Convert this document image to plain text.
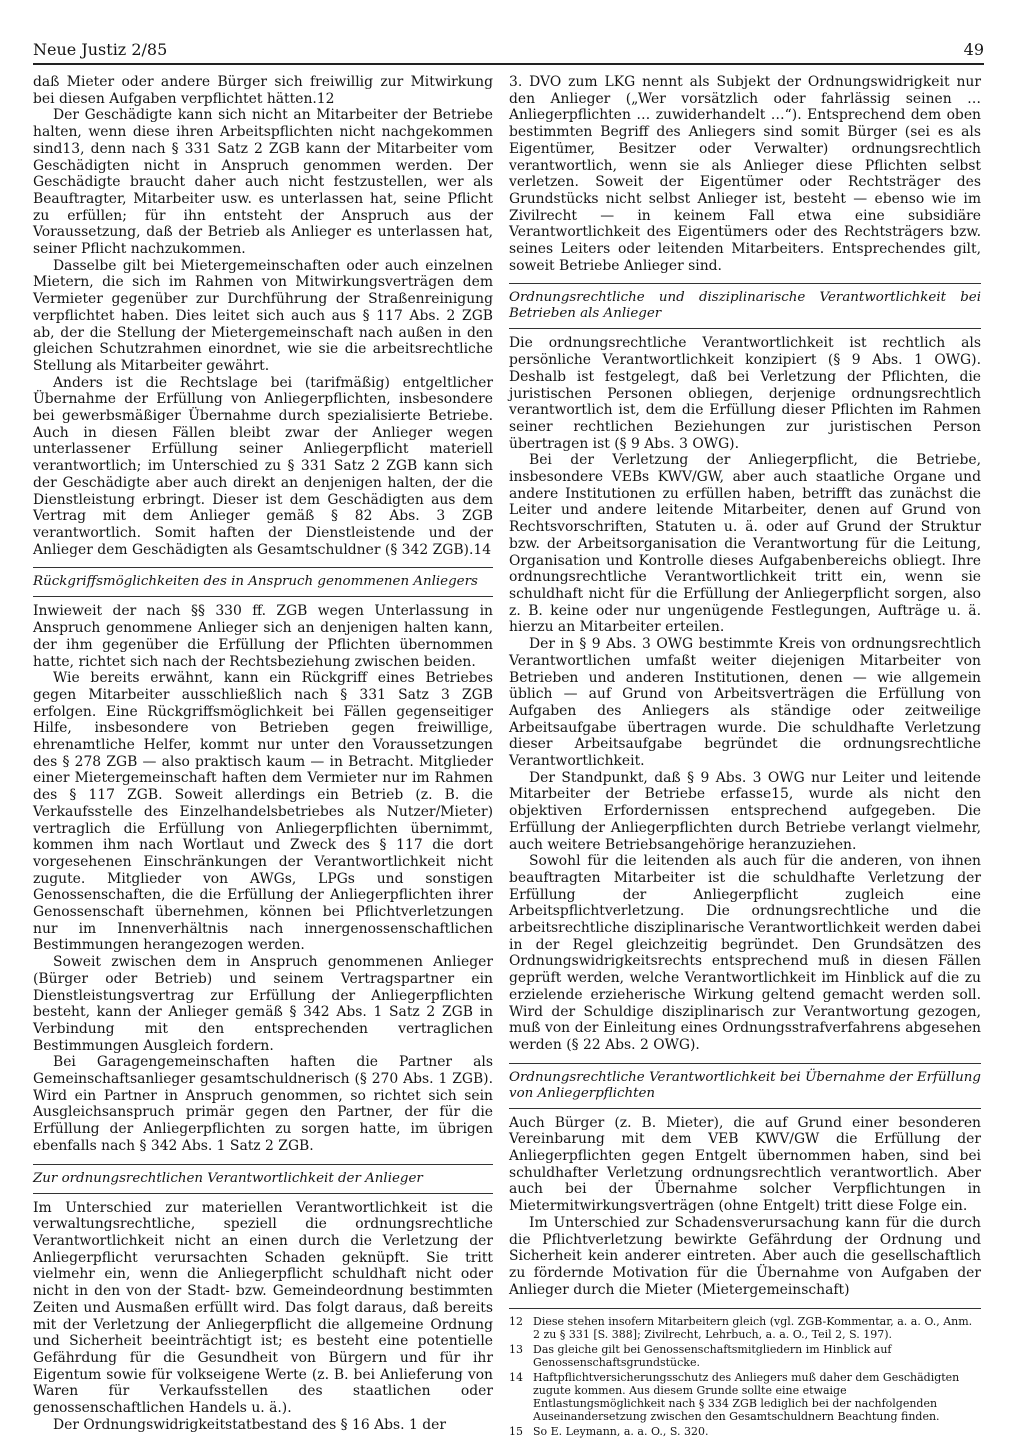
Neue Justiz 2/85	49

daß Mieter oder andere Bürger sich freiwillig zur Mitwirkung bei diesen Aufgaben verpflichtet hätten.12

Der Geschädigte kann sich nicht an Mitarbeiter der Betriebe halten, wenn diese ihren Arbeitspflichten nicht nachgekommen sind13, denn nach § 331 Satz 2 ZGB kann der Mitarbeiter vom Geschädigten nicht in Anspruch genommen werden. Der Geschädigte braucht daher auch nicht festzustellen, wer als Beauftragter, Mitarbeiter usw. es unterlassen hat, seine Pflicht zu erfüllen; für ihn entsteht der Anspruch aus der Voraussetzung, daß der Betrieb als Anlieger es unterlassen hat, seiner Pflicht nachzukommen.

Dasselbe gilt bei Mietergemeinschaften oder auch einzelnen Mietern, die sich im Rahmen von Mitwirkungsverträgen dem Vermieter gegenüber zur Durchführung der Straßenreinigung verpflichtet haben. Dies leitet sich auch aus § 117 Abs. 2 ZGB ab, der die Stellung der Mietergemeinschaft nach außen in den gleichen Schutzrahmen einordnet, wie sie die arbeitsrechtliche Stellung als Mitarbeiter gewährt.

Anders ist die Rechtslage bei (tarifmäßig) entgeltlicher Übernahme der Erfüllung von Anliegerpflichten, insbesondere bei gewerbsmäßiger Übernahme durch spezialisierte Betriebe. Auch in diesen Fällen bleibt zwar der Anlieger wegen unterlassener Erfüllung seiner Anliegerpflicht materiell verantwortlich; im Unterschied zu § 331 Satz 2 ZGB kann sich der Geschädigte aber auch direkt an denjenigen halten, der die Dienstleistung erbringt. Dieser ist dem Geschädigten aus dem Vertrag mit dem Anlieger gemäß § 82 Abs. 3 ZGB verantwortlich. Somit haften der Dienstleistende und der Anlieger dem Geschädigten als Gesamtschuldner (§ 342 ZGB).14

Rückgriffsmöglichkeiten des in Anspruch genommenen Anliegers

Inwieweit der nach §§ 330 ff. ZGB wegen Unterlassung in Anspruch genommene Anlieger sich an denjenigen halten kann, der ihm gegenüber die Erfüllung der Pflichten übernommen hatte, richtet sich nach der Rechtsbeziehung zwischen beiden.

Wie bereits erwähnt, kann ein Rückgriff eines Betriebes gegen Mitarbeiter ausschließlich nach § 331 Satz 3 ZGB erfolgen. Eine Rückgriffsmöglichkeit bei Fällen gegenseitiger Hilfe, insbesondere von Betrieben gegen freiwillige, ehrenamtliche Helfer, kommt nur unter den Voraussetzungen des § 278 ZGB — also praktisch kaum — in Betracht. Mitglieder einer Mietergemeinschaft haften dem Vermieter nur im Rahmen des § 117 ZGB. Soweit allerdings ein Betrieb (z. B. die Verkaufsstelle des Einzelhandelsbetriebes als Nutzer/Mieter) vertraglich die Erfüllung von Anliegerpflichten übernimmt, kommen ihm nach Wortlaut und Zweck des § 117 die dort vorgesehenen Einschränkungen der Verantwortlichkeit nicht zugute. Mitglieder von AWGs, LPGs und sonstigen Genossenschaften, die die Erfüllung der Anliegerpflichten ihrer Genossenschaft übernehmen, können bei Pflichtverletzungen nur im Innenverhältnis nach innergenossenschaftlichen Bestimmungen herangezogen werden.

Soweit zwischen dem in Anspruch genommenen Anlieger (Bürger oder Betrieb) und seinem Vertragspartner ein Dienstleistungsvertrag zur Erfüllung der Anliegerpflichten besteht, kann der Anlieger gemäß § 342 Abs. 1 Satz 2 ZGB in Verbindung mit den entsprechenden vertraglichen Bestimmungen Ausgleich fordern.

Bei Garagengemeinschaften haften die Partner als Gemeinschaftsanlieger gesamtschuldnerisch (§ 270 Abs. 1 ZGB). Wird ein Partner in Anspruch genommen, so richtet sich sein Ausgleichsanspruch primär gegen den Partner, der für die Erfüllung der Anliegerpflichten zu sorgen hatte, im übrigen ebenfalls nach § 342 Abs. 1 Satz 2 ZGB.

Zur ordnungsrechtlichen Verantwortlichkeit der Anlieger

Im Unterschied zur materiellen Verantwortlichkeit ist die verwaltungsrechtliche, speziell die ordnungsrechtliche Verantwortlichkeit nicht an einen durch die Verletzung der Anliegerpflicht verursachten Schaden geknüpft. Sie tritt vielmehr ein, wenn die Anliegerpflicht schuldhaft nicht oder nicht in den von der Stadt- bzw. Gemeindeordnung bestimmten Zeiten und Ausmaßen erfüllt wird. Das folgt daraus, daß bereits mit der Verletzung der Anliegerpflicht die allgemeine Ordnung und Sicherheit beeinträchtigt ist; es besteht eine potentielle Gefährdung für die Gesundheit von Bürgern und für ihr Eigentum sowie für volkseigene Werte (z. B. bei Anlieferung von Waren für Verkaufsstellen des staatlichen oder genossenschaftlichen Handels u. ä.).

Der Ordnungswidrigkeitstatbestand des § 16 Abs. 1 der

3. DVO zum LKG nennt als Subjekt der Ordnungswidrigkeit nur den Anlieger („Wer vorsätzlich oder fahrlässig seinen … Anliegerpflichten … zuwiderhandelt …“). Entsprechend dem oben bestimmten Begriff des Anliegers sind somit Bürger (sei es als Eigentümer, Besitzer oder Verwalter) ordnungsrechtlich verantwortlich, wenn sie als Anlieger diese Pflichten selbst verletzen. Soweit der Eigentümer oder Rechtsträger des Grundstücks nicht selbst Anlieger ist, besteht — ebenso wie im Zivilrecht — in keinem Fall etwa eine subsidiäre Verantwortlichkeit des Eigentümers oder des Rechtsträgers bzw. seines Leiters oder leitenden Mitarbeiters. Entsprechendes gilt, soweit Betriebe Anlieger sind.

Ordnungsrechtliche und disziplinarische Verantwortlichkeit bei Betrieben als Anlieger

Die ordnungsrechtliche Verantwortlichkeit ist rechtlich als persönliche Verantwortlichkeit konzipiert (§ 9 Abs. 1 OWG). Deshalb ist festgelegt, daß bei Verletzung der Pflichten, die juristischen Personen obliegen, derjenige ordnungsrechtlich verantwortlich ist, dem die Erfüllung dieser Pflichten im Rahmen seiner rechtlichen Beziehungen zur juristischen Person übertragen ist (§ 9 Abs. 3 OWG).

Bei der Verletzung der Anliegerpflicht, die Betriebe, insbesondere VEBs KWV/GW, aber auch staatliche Organe und andere Institutionen zu erfüllen haben, betrifft das zunächst die Leiter und andere leitende Mitarbeiter, denen auf Grund von Rechtsvorschriften, Statuten u. ä. oder auf Grund der Struktur bzw. der Arbeitsorganisation die Verantwortung für die Leitung, Organisation und Kontrolle dieses Aufgabenbereichs obliegt. Ihre ordnungsrechtliche Verantwortlichkeit tritt ein, wenn sie schuldhaft nicht für die Erfüllung der Anliegerpflicht sorgen, also z. B. keine oder nur ungenügende Festlegungen, Aufträge u. ä. hierzu an Mitarbeiter erteilen.

Der in § 9 Abs. 3 OWG bestimmte Kreis von ordnungsrechtlich Verantwortlichen umfaßt weiter diejenigen Mitarbeiter von Betrieben und anderen Institutionen, denen — wie allgemein üblich — auf Grund von Arbeitsverträgen die Erfüllung von Aufgaben des Anliegers als ständige oder zeitweilige Arbeitsaufgabe übertragen wurde. Die schuldhafte Verletzung dieser Arbeitsaufgabe begründet die ordnungsrechtliche Verantwortlichkeit.

Der Standpunkt, daß § 9 Abs. 3 OWG nur Leiter und leitende Mitarbeiter der Betriebe erfasse15, wurde als nicht den objektiven Erfordernissen entsprechend aufgegeben. Die Erfüllung der Anliegerpflichten durch Betriebe verlangt vielmehr, auch weitere Betriebsangehörige heranzuziehen.

Sowohl für die leitenden als auch für die anderen, von ihnen beauftragten Mitarbeiter ist die schuldhafte Verletzung der Erfüllung der Anliegerpflicht zugleich eine Arbeitspflichtverletzung. Die ordnungsrechtliche und die arbeitsrechtliche disziplinarische Verantwortlichkeit werden dabei in der Regel gleichzeitig begründet. Den Grundsätzen des Ordnungswidrigkeitsrechts entsprechend muß in diesen Fällen geprüft werden, welche Verantwortlichkeit im Hinblick auf die zu erzielende erzieherische Wirkung geltend gemacht werden soll. Wird der Schuldige disziplinarisch zur Verantwortung gezogen, muß von der Einleitung eines Ordnungsstrafverfahrens abgesehen werden (§ 22 Abs. 2 OWG).

Ordnungsrechtliche Verantwortlichkeit bei Übernahme der Erfüllung von Anliegerpflichten

Auch Bürger (z. B. Mieter), die auf Grund einer besonderen Vereinbarung mit dem VEB KWV/GW die Erfüllung der Anliegerpflichten gegen Entgelt übernommen haben, sind bei schuldhafter Verletzung ordnungsrechtlich verantwortlich. Aber auch bei der Übernahme solcher Verpflichtungen in Mietermitwirkungsverträgen (ohne Entgelt) tritt diese Folge ein.

Im Unterschied zur Schadensverursachung kann für die durch die Pflichtverletzung bewirkte Gefährdung der Ordnung und Sicherheit kein anderer eintreten. Aber auch die gesellschaftlich zu fördernde Motivation für die Übernahme von Aufgaben der Anlieger durch die Mieter (Mietergemeinschaft)

12 Diese stehen insofern Mitarbeitern gleich (vgl. ZGB-Kommentar, a. a. O., Anm. 2 zu § 331 [S. 388]; Zivilrecht, Lehrbuch, a. a. O., Teil 2, S. 197).
13 Das gleiche gilt bei Genossenschaftsmitgliedern im Hinblick auf Genossenschaftsgrundstücke.
14 Haftpflichtversicherungsschutz des Anliegers muß daher dem Geschädigten zugute kommen. Aus diesem Grunde sollte eine etwaige Entlastungsmöglichkeit nach § 334 ZGB lediglich bei der nachfolgenden Auseinandersetzung zwischen den Gesamtschuldnern Beachtung finden.
15 So E. Leymann, a. a. O., S. 320.
